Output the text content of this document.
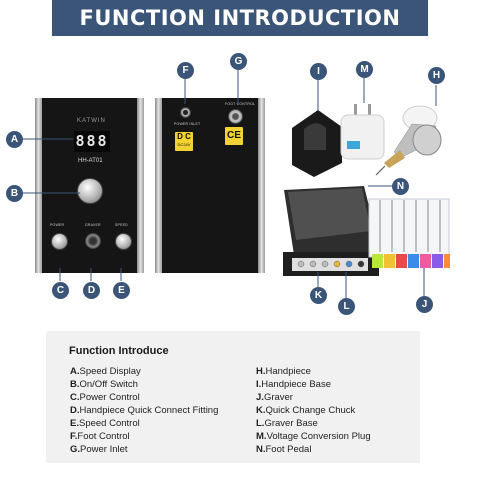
FUNCTION INTRODUCTION
KATWIN
888
HH-AT01
POWER	GRAVER	SPEED
POWER INLET
FOOT CONTROL
D C
DC24V
CE
A
B
C	D	E
F
G
H
I
J
K
L
M
N
Function Introduce
A.Speed Display
B.On/Off Switch
C.Power Control
D.Handpiece Quick Connect Fitting
E.Speed Control
F.Foot Control
G.Power Inlet
H.Handpiece
I.Handpiece Base
J.Graver
K.Quick Change Chuck
L.Graver Base
M.Voltage Conversion Plug
N.Foot Pedal
